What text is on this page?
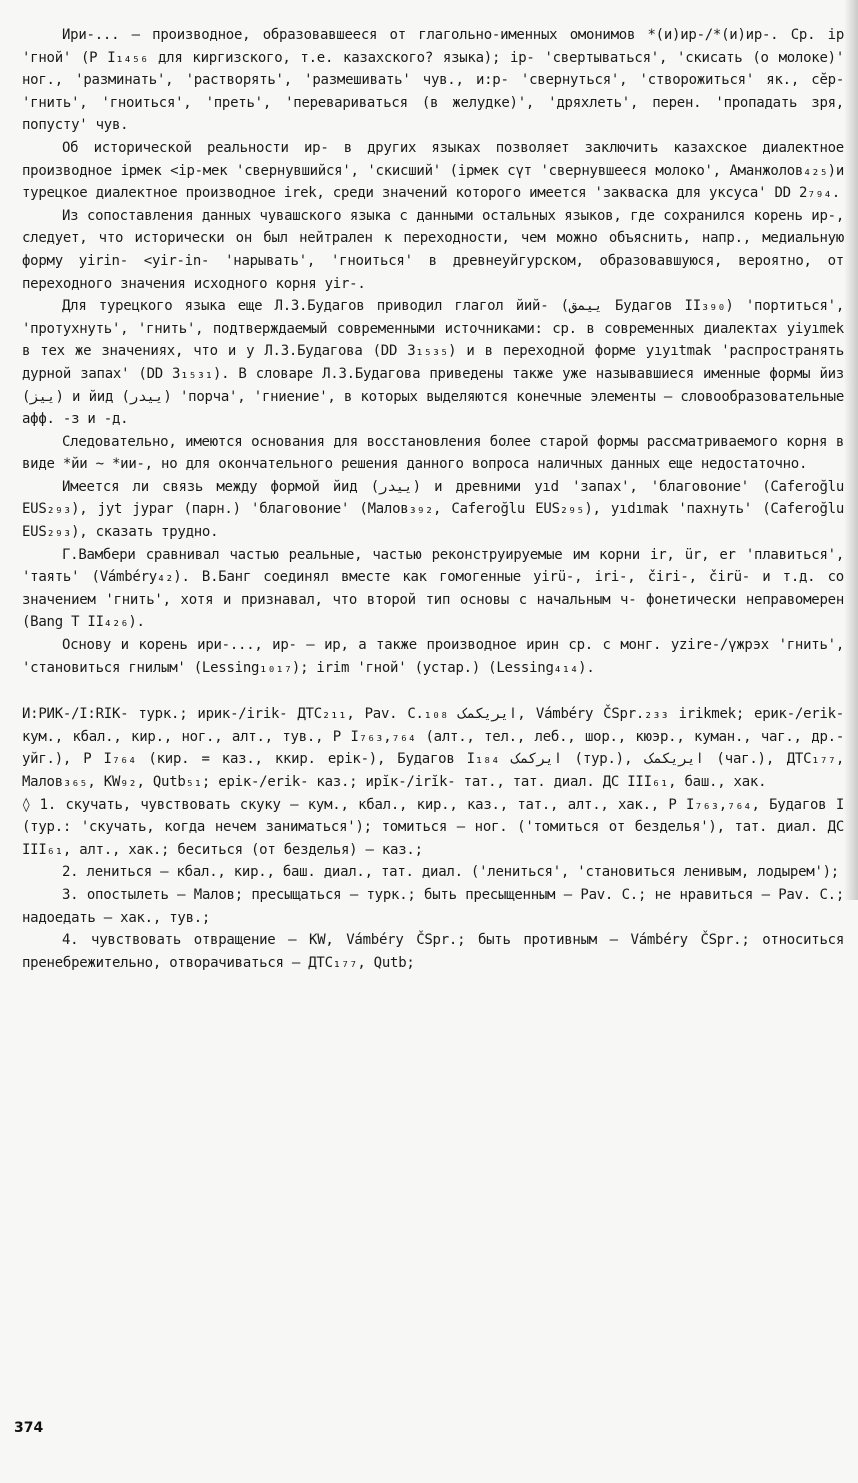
Ири-... – производное, образовавшееся от глагольно-именных омонимов *(и)ир-/*(и)ир-. Ср. ір 'гной' (Р I₁₄₅₆ для киргизского, т.е. казахского? языка); ір- 'свертываться', 'скисать (о молоке)' ног., 'разминать', 'растворять', 'размешивать' чув., и:р- 'свернуться', 'створожиться' як., сĕр- 'гнить', 'гноиться', 'преть', 'перевариваться (в желудке)', 'дряхлеть', перен. 'пропадать зря, попусту' чув.

Об исторической реальности ир- в других языках позволяет заключить казахское диалектное производное ірмек <ір-мек 'свернувшийся', 'скисший' (ірмек сүт 'свернувшееся молоко', Аманжолов₄₂₅)и турецкое диалектное производное irek, среди значений которого имеется 'закваска для уксуса' DD 2₇₉₄.

Из сопоставления данных чувашского языка с данными остальных языков, где сохранился корень ир-, следует, что исторически он был нейтрален к переходности, чем можно объяснить, напр., медиальную форму yirin- <yir-in- 'нарывать', 'гноиться' в древнеуйгурском, образовавшуюся, вероятно, от переходного значения исходного корня yir-.

Для турецкого языка еще Л.З.Будагов приводил глагол йий- (ییمق Будагов II₃₉₀) 'портиться', 'протухнуть', 'гнить', подтверждаемый современными источниками: ср. в современных диалектах yiyımek в тех же значениях, что и у Л.З.Будагова (DD 3₁₅₃₅) и в переходной форме yıyıtmak 'распространять дурной запах' (DD 3₁₅₃₁). В словаре Л.З.Будагова приведены также уже называвшиеся именные формы йиз (ییز) и йид (ییدر) 'порча', 'гниение', в которых выделяются конечные элементы – словообразовательные афф. -з и -д.

Следовательно, имеются основания для восстановления более старой формы рассматриваемого корня в виде *йи ~ *ии-, но для окончательного решения данного вопроса наличных данных еще недостаточно.

Имеется ли связь между формой йид (ییدر) и древними yıd 'запах', 'благовоние' (Caferoğlu EUS₂₉₃), jyt jypar (парн.) 'благовоние' (Малов₃₉₂, Caferoğlu EUS₂₉₅), yıdımak 'пахнуть' (Caferoğlu EUS₂₉₃), сказать трудно.

Г.Вамбери сравнивал частью реальные, частью реконструируемые им корни ir, ür, er 'плавиться', 'таять' (Vámbéry₄₂). В.Банг соединял вместе как гомогенные yirü-, iri-, čiri-, čirü- и т.д. со значением 'гнить', хотя и признавал, что второй тип основы с начальным ч- фонетически неправомерен (Bang T II₄₂₆).

Основу и корень ири-..., ир- – ир, а также производное ирин ср. с монг. yzire-/үжрэх 'гнить', 'становиться гнилым' (Lessing₁₀₁₇); irim 'гной' (устар.) (Lessing₄₁₄).

И:РИК-/І:RIK- турк.; ирик-/irik- ДТС₂₁₁, Pav. C.₁₀₈ ایریکمک, Vámbéry ČSpr.₂₃₃ irikmek; ерик-/erik- кум., кбал., кир., ног., алт., тув., Р I₇₆₃,₇₆₄ (алт., тел., леб., шор., кюэр., куман., чаг., др.-уйг.), Р I₇₆₄ (кир. = каз., ккир. ерік-), Будагов I₁₈₄ ایرکمک (тур.), ایریکمک (чаг.), ДТС₁₇₇, Малов₃₆₅, KW₉₂, Qutb₅₁; ерік-/erik- каз.; ирĭк-/irĭk- тат., тат. диал. ДС III₆₁, баш., хак.

◊ 1. скучать, чувствовать скуку – кум., кбал., кир., каз., тат., алт., хак., Р I₇₆₃,₇₆₄, Будагов I (тур.: 'скучать, когда нечем заниматься'); томиться – ног. ('томиться от безделья'), тат. диал. ДС III₆₁, алт., хак.; беситься (от безделья) – каз.;

2. лениться – кбал., кир., баш. диал., тат. диал. ('лениться', 'становиться ленивым, лодырем');

3. опостылеть – Малов; пресыщаться – турк.; быть пресыщенным – Pav. C.; не нравиться – Pav. C.; надоедать – хак., тув.;

4. чувствовать отвращение – KW, Vámbéry ČSpr.; быть противным – Vámbéry ČSpr.; относиться пренебрежительно, отворачиваться – ДТС₁₇₇, Qutb;

374
